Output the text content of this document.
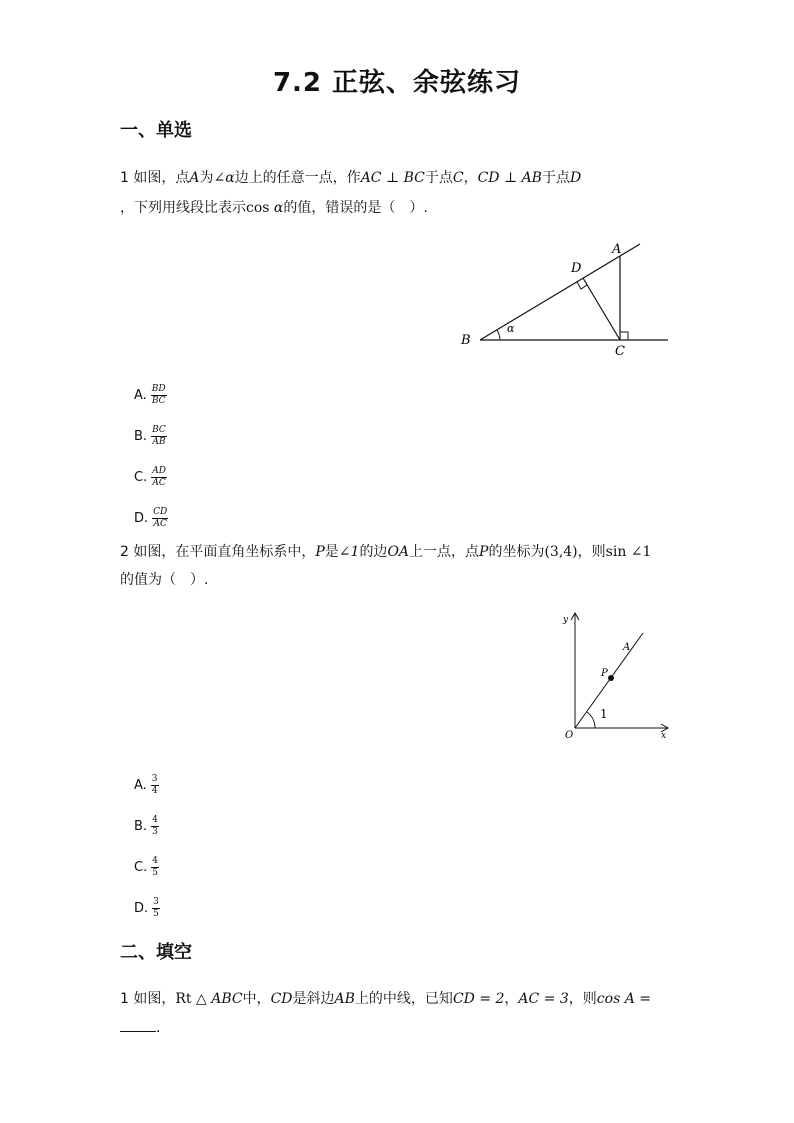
7.2 正弦、余弦练习
一、单选
1 如图，点A为∠α边上的任意一点，作AC ⊥ BC于点C，CD ⊥ AB于点D
，下列用线段比表示cos α的值，错误的是（　）.
α
B
C
D
A
A. $\frac{BD}{BC}$
B. $\frac{BC}{AB}$
C. $\frac{AD}{AC}$
D. $\frac{CD}{AC}$
2 如图，在平面直角坐标系中，P是∠1的边OA上一点，点P的坐标为(3,4)，则sin ∠1
的值为（　）.
y
x
O
A
P
1
A. $\frac{3}{4}$
B. $\frac{4}{3}$
C. $\frac{4}{5}$
D. $\frac{3}{5}$
二、填空
1 如图，Rt △ ABC中，CD是斜边AB上的中线，已知CD = 2，AC = 3，则cos A =
.
